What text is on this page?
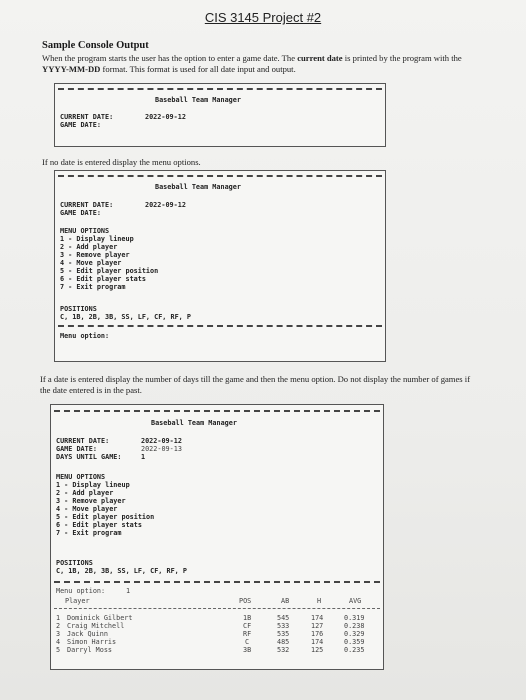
CIS 3145 Project #2
Sample Console Output
When the program starts the user has the option to enter a game date. The current date is printed by the program with the YYYY-MM-DD format. This format is used for all date input and output.
Baseball Team Manager
CURRENT DATE:	2022-09-12
GAME DATE:
If no date is entered display the menu options.
Baseball Team Manager
CURRENT DATE:	2022-09-12
GAME DATE:
MENU OPTIONS
1 - Display lineup
2 - Add player
3 - Remove player
4 - Move player
5 - Edit player position
6 - Edit player stats
7 - Exit program
POSITIONS
C, 1B, 2B, 3B, SS, LF, CF, RF, P
Menu option:
If a date is entered display the number of days till the game and then the menu option. Do not display the number of games if the date entered is in the past.
Baseball Team Manager
CURRENT DATE:	2022-09-12
GAME DATE:	2022-09-13
DAYS UNTIL GAME:	1
MENU OPTIONS
1 - Display lineup
2 - Add player
3 - Remove player
4 - Move player
5 - Edit player position
6 - Edit player stats
7 - Exit program
POSITIONS
C, 1B, 2B, 3B, SS, LF, CF, RF, P
Menu option:	1
Player	POS	AB	H	AVG
1 Dominick Gilbert	1B	545	174	0.319
2 Craig Mitchell	CF	533	127	0.238
3 Jack Quinn	RF	535	176	0.329
4 Simon Harris	C	485	174	0.359
5 Darryl Moss	3B	532	125	0.235
